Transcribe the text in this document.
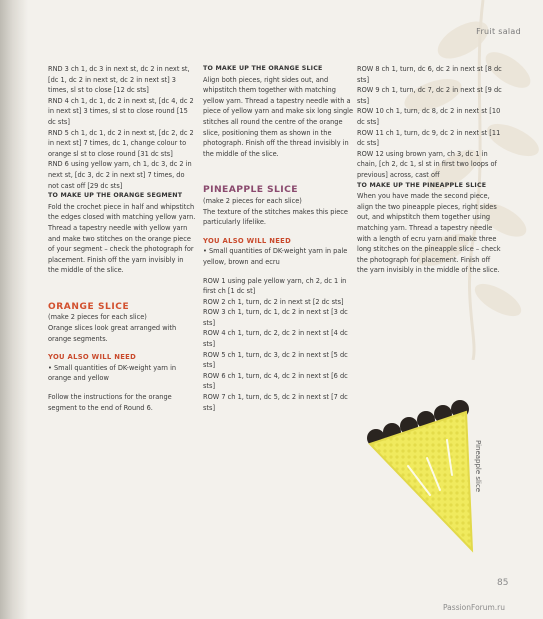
Fruit salad

RND 3 ch 1, dc 3 in next st, dc 2 in next st, [dc 1, dc 2 in next st, dc 2 in next st] 3 times, sl st to close [12 dc sts]

RND 4 ch 1, dc 1, dc 2 in next st, [dc 4, dc 2 in next st] 3 times, sl st to close round [15 dc sts]

RND 5 ch 1, dc 1, dc 2 in next st, [dc 2, dc 2 in next st] 7 times, dc 1, change colour to orange sl st to close round [31 dc sts]

RND 6 using yellow yarn, ch 1, dc 3, dc 2 in next st, [dc 3, dc 2 in next st] 7 times, do not cast off [29 dc sts]

TO MAKE UP THE ORANGE SEGMENT

Fold the crochet piece in half and whipstitch the edges closed with matching yellow yarn. Thread a tapestry needle with yellow yarn and make two stitches on the orange piece of your segment – check the photograph for placement. Finish off the yarn invisibly in the middle of the slice.

ORANGE SLICE

(make 2 pieces for each slice)

Orange slices look great arranged with orange segments.

YOU ALSO WILL NEED

• Small quantities of DK-weight yarn in orange and yellow

Follow the instructions for the orange segment to the end of Round 6.

TO MAKE UP THE ORANGE SLICE

Align both pieces, right sides out, and whipstitch them together with matching yellow yarn. Thread a tapestry needle with a piece of yellow yarn and make six long single stitches all round the centre of the orange slice, positioning them as shown in the photograph. Finish off the thread invisibly in the middle of the slice.

PINEAPPLE SLICE

(make 2 pieces for each slice)

The texture of the stitches makes this piece particularly lifelike.

YOU ALSO WILL NEED

• Small quantities of DK-weight yarn in pale yellow, brown and ecru

ROW 1 using pale yellow yarn, ch 2, dc 1 in first ch [1 dc st]

ROW 2 ch 1, turn, dc 2 in next st [2 dc sts]

ROW 3 ch 1, turn, dc 1, dc 2 in next st [3 dc sts]

ROW 4 ch 1, turn, dc 2, dc 2 in next st [4 dc sts]

ROW 5 ch 1, turn, dc 3, dc 2 in next st [5 dc sts]

ROW 6 ch 1, turn, dc 4, dc 2 in next st [6 dc sts]

ROW 7 ch 1, turn, dc 5, dc 2 in next st [7 dc sts]

ROW 8 ch 1, turn, dc 6, dc 2 in next st [8 dc sts]

ROW 9 ch 1, turn, dc 7, dc 2 in next st [9 dc sts]

ROW 10 ch 1, turn, dc 8, dc 2 in next st [10 dc sts]

ROW 11 ch 1, turn, dc 9, dc 2 in next st [11 dc sts]

ROW 12 using brown yarn, ch 3, dc 1 in chain, [ch 2, dc 1, sl st in first two loops of previous] across, cast off

TO MAKE UP THE PINEAPPLE SLICE

When you have made the second piece, align the two pineapple pieces, right sides out, and whipstitch them together using matching yarn. Thread a tapestry needle with a length of ecru yarn and make three long stitches on the pineapple slice – check the photograph for placement. Finish off the yarn invisibly in the middle of the slice.

Pineapple slice
85
PassionForum.ru
